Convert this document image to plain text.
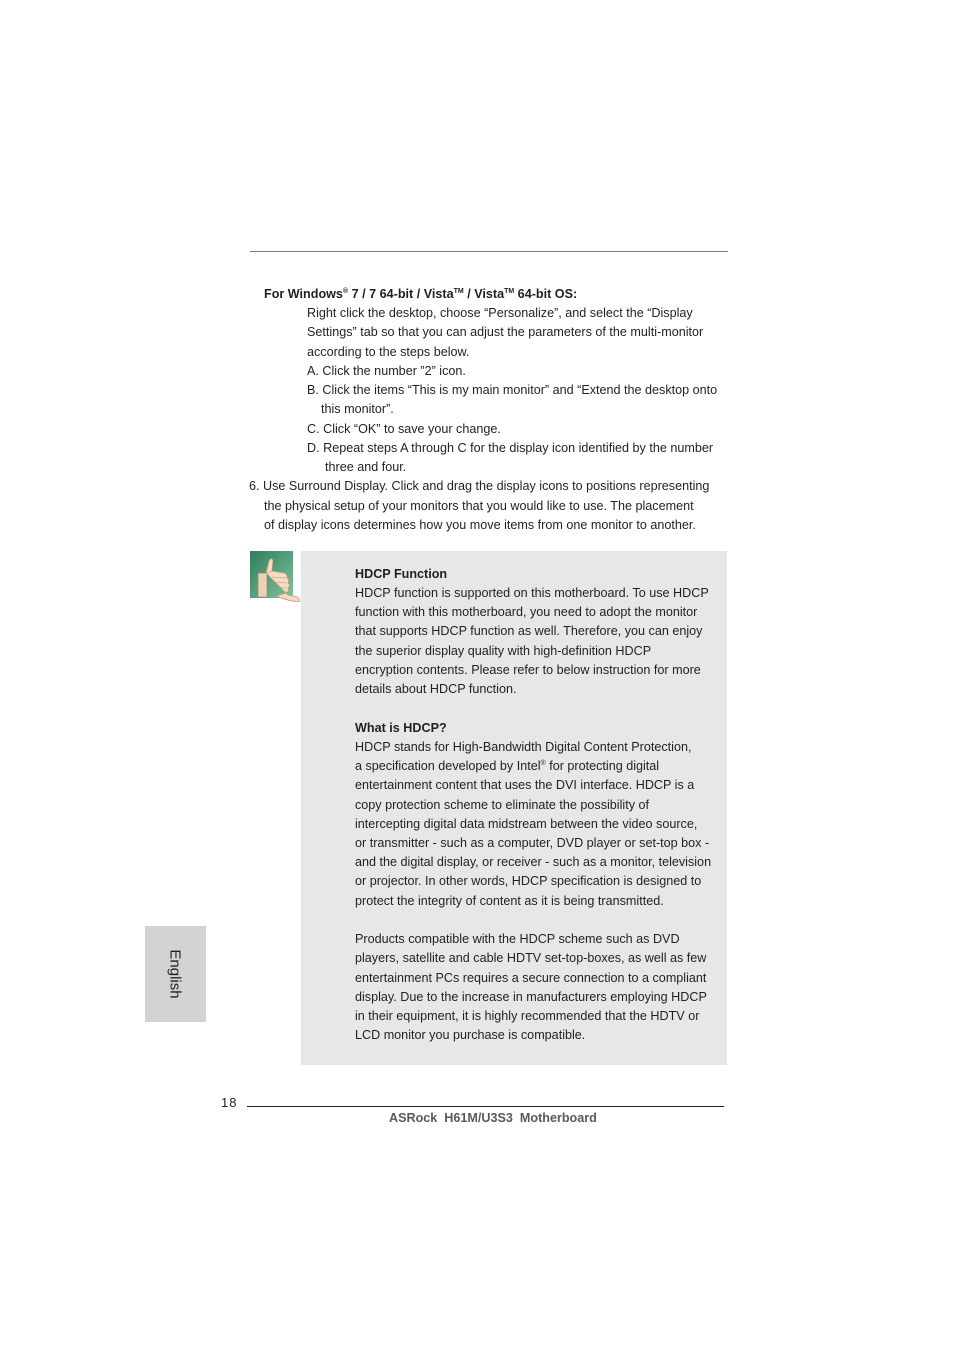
For Windows® 7 / 7 64-bit / Vista™ / Vista™ 64-bit OS:
Right click the desktop, choose “Personalize”, and select the “Display
Settings” tab so that you can adjust the parameters of the multi-monitor
according to the steps below.
A. Click the number ”2” icon.
B. Click the items “This is my main monitor” and “Extend the desktop onto
this monitor”.
C. Click “OK” to save your change.
D. Repeat steps A through C for the display icon identified by the number
three and four.
6. Use Surround Display. Click and drag the display icons to positions representing
the physical setup of your monitors that you would like to use. The placement
of display icons determines how you move items from one monitor to another.
HDCP Function
HDCP function is supported on this motherboard. To use HDCP
function with this motherboard, you need to adopt the monitor
that supports HDCP function as well. Therefore, you can enjoy
the superior display quality with high-definition HDCP
encryption contents. Please refer to below instruction for more
details about HDCP function.
What is HDCP?
HDCP stands for High-Bandwidth Digital Content Protection,
a specification developed by Intel® for protecting digital
entertainment content that uses the DVI interface. HDCP is a
copy protection scheme to eliminate the possibility of
intercepting digital data midstream between the video source,
or transmitter - such as a computer, DVD player or set-top box -
and the digital display, or receiver - such as a monitor, television
or projector. In other words, HDCP specification is designed to
protect the integrity of content as it is being transmitted.
Products compatible with the HDCP scheme such as DVD
players, satellite and cable HDTV set-top-boxes, as well as few
entertainment PCs requires a secure connection to a compliant
display. Due to the increase in manufacturers employing HDCP
in their equipment, it is highly recommended that the HDTV or
LCD monitor you purchase is compatible.
English
18
ASRock  H61M/U3S3  Motherboard
